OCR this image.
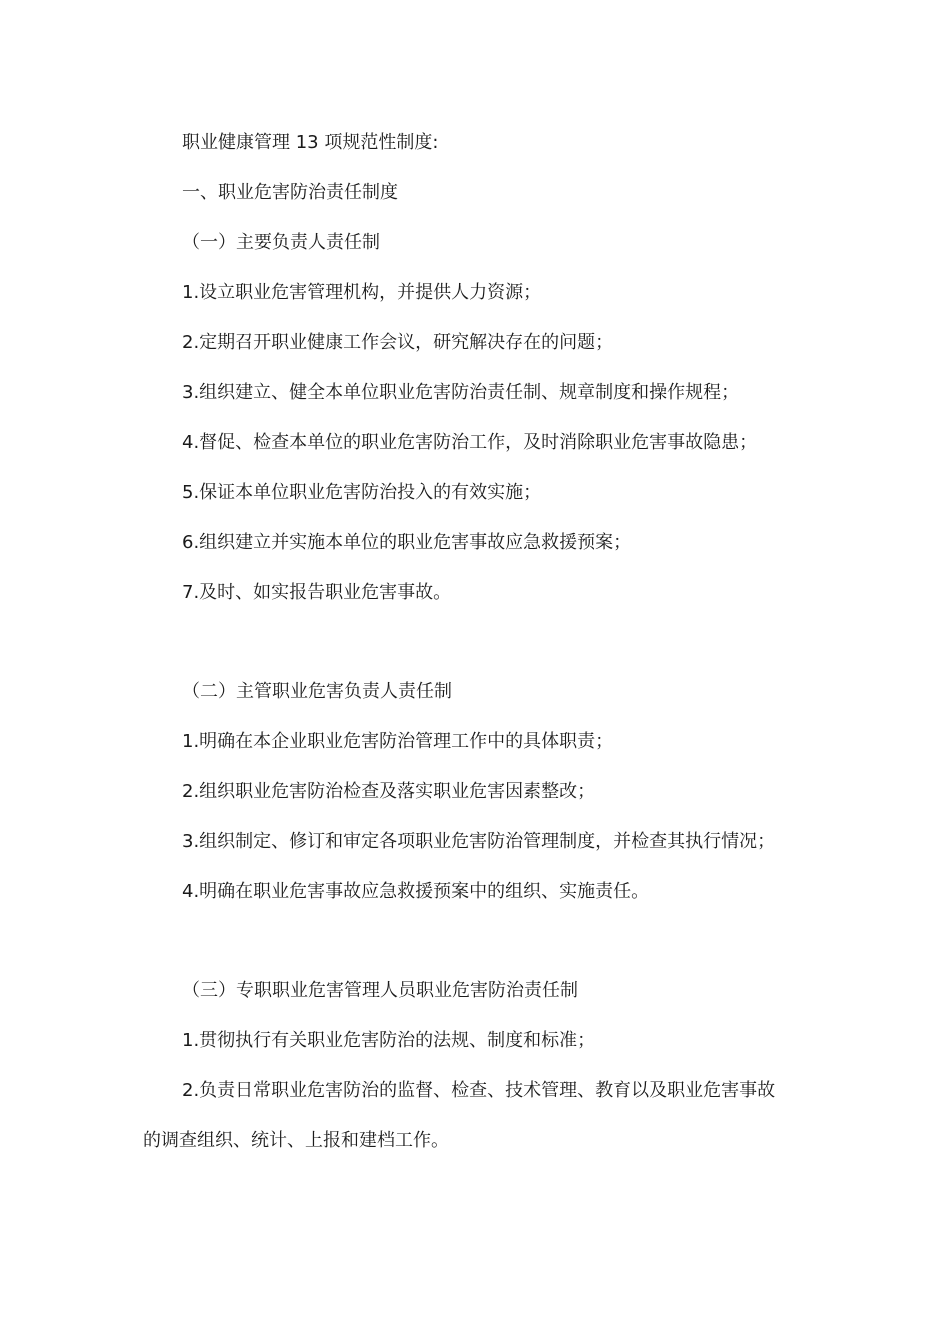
职业健康管理 13 项规范性制度:
一、职业危害防治责任制度
（一）主要负责人责任制
1.设立职业危害管理机构，并提供人力资源；
2.定期召开职业健康工作会议，研究解决存在的问题；
3.组织建立、健全本单位职业危害防治责任制、规章制度和操作规程；
4.督促、检查本单位的职业危害防治工作，及时消除职业危害事故隐患；
5.保证本单位职业危害防治投入的有效实施；
6.组织建立并实施本单位的职业危害事故应急救援预案；
7.及时、如实报告职业危害事故。
（二）主管职业危害负责人责任制
1.明确在本企业职业危害防治管理工作中的具体职责；
2.组织职业危害防治检查及落实职业危害因素整改；
3.组织制定、修订和审定各项职业危害防治管理制度，并检查其执行情况；
4.明确在职业危害事故应急救援预案中的组织、实施责任。
（三）专职职业危害管理人员职业危害防治责任制
1.贯彻执行有关职业危害防治的法规、制度和标准；
2.负责日常职业危害防治的监督、检查、技术管理、教育以及职业危害事故
的调查组织、统计、上报和建档工作。
